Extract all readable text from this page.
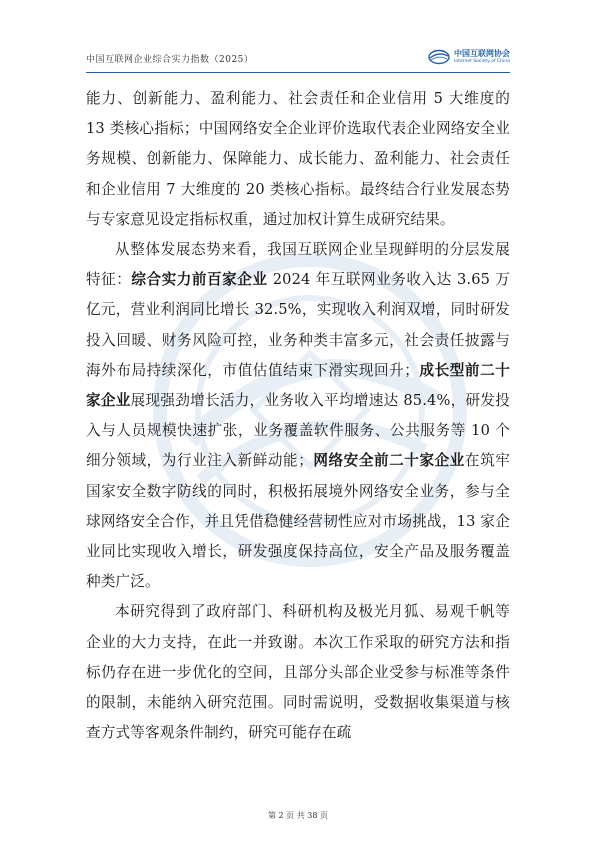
中国互联网企业综合实力指数（2025）
中国互联网协会
Internet Society of China

能力、创新能力、盈利能力、社会责任和企业信用 5 大维度的 13 类核心指标；中国网络安全企业评价选取代表企业网络安全业务规模、创新能力、保障能力、成长能力、盈利能力、社会责任和企业信用 7 大维度的 20 类核心指标。最终结合行业发展态势与专家意见设定指标权重，通过加权计算生成研究结果。

从整体发展态势来看，我国互联网企业呈现鲜明的分层发展特征：综合实力前百家企业 2024 年互联网业务收入达 3.65 万亿元，营业利润同比增长 32.5%，实现收入利润双增，同时研发投入回暖、财务风险可控，业务种类丰富多元，社会责任披露与海外布局持续深化，市值估值结束下滑实现回升；成长型前二十家企业展现强劲增长活力，业务收入平均增速达 85.4%，研发投入与人员规模快速扩张，业务覆盖软件服务、公共服务等 10 个细分领域，为行业注入新鲜动能；网络安全前二十家企业在筑牢国家安全数字防线的同时，积极拓展境外网络安全业务，参与全球网络安全合作，并且凭借稳健经营韧性应对市场挑战，13 家企业同比实现收入增长，研发强度保持高位，安全产品及服务覆盖种类广泛。

本研究得到了政府部门、科研机构及极光月狐、易观千帆等企业的大力支持，在此一并致谢。本次工作采取的研究方法和指标仍存在进一步优化的空间，且部分头部企业受参与标准等条件的限制，未能纳入研究范围。同时需说明，受数据收集渠道与核查方式等客观条件制约，研究可能存在疏

第 2 页 共 38 页
